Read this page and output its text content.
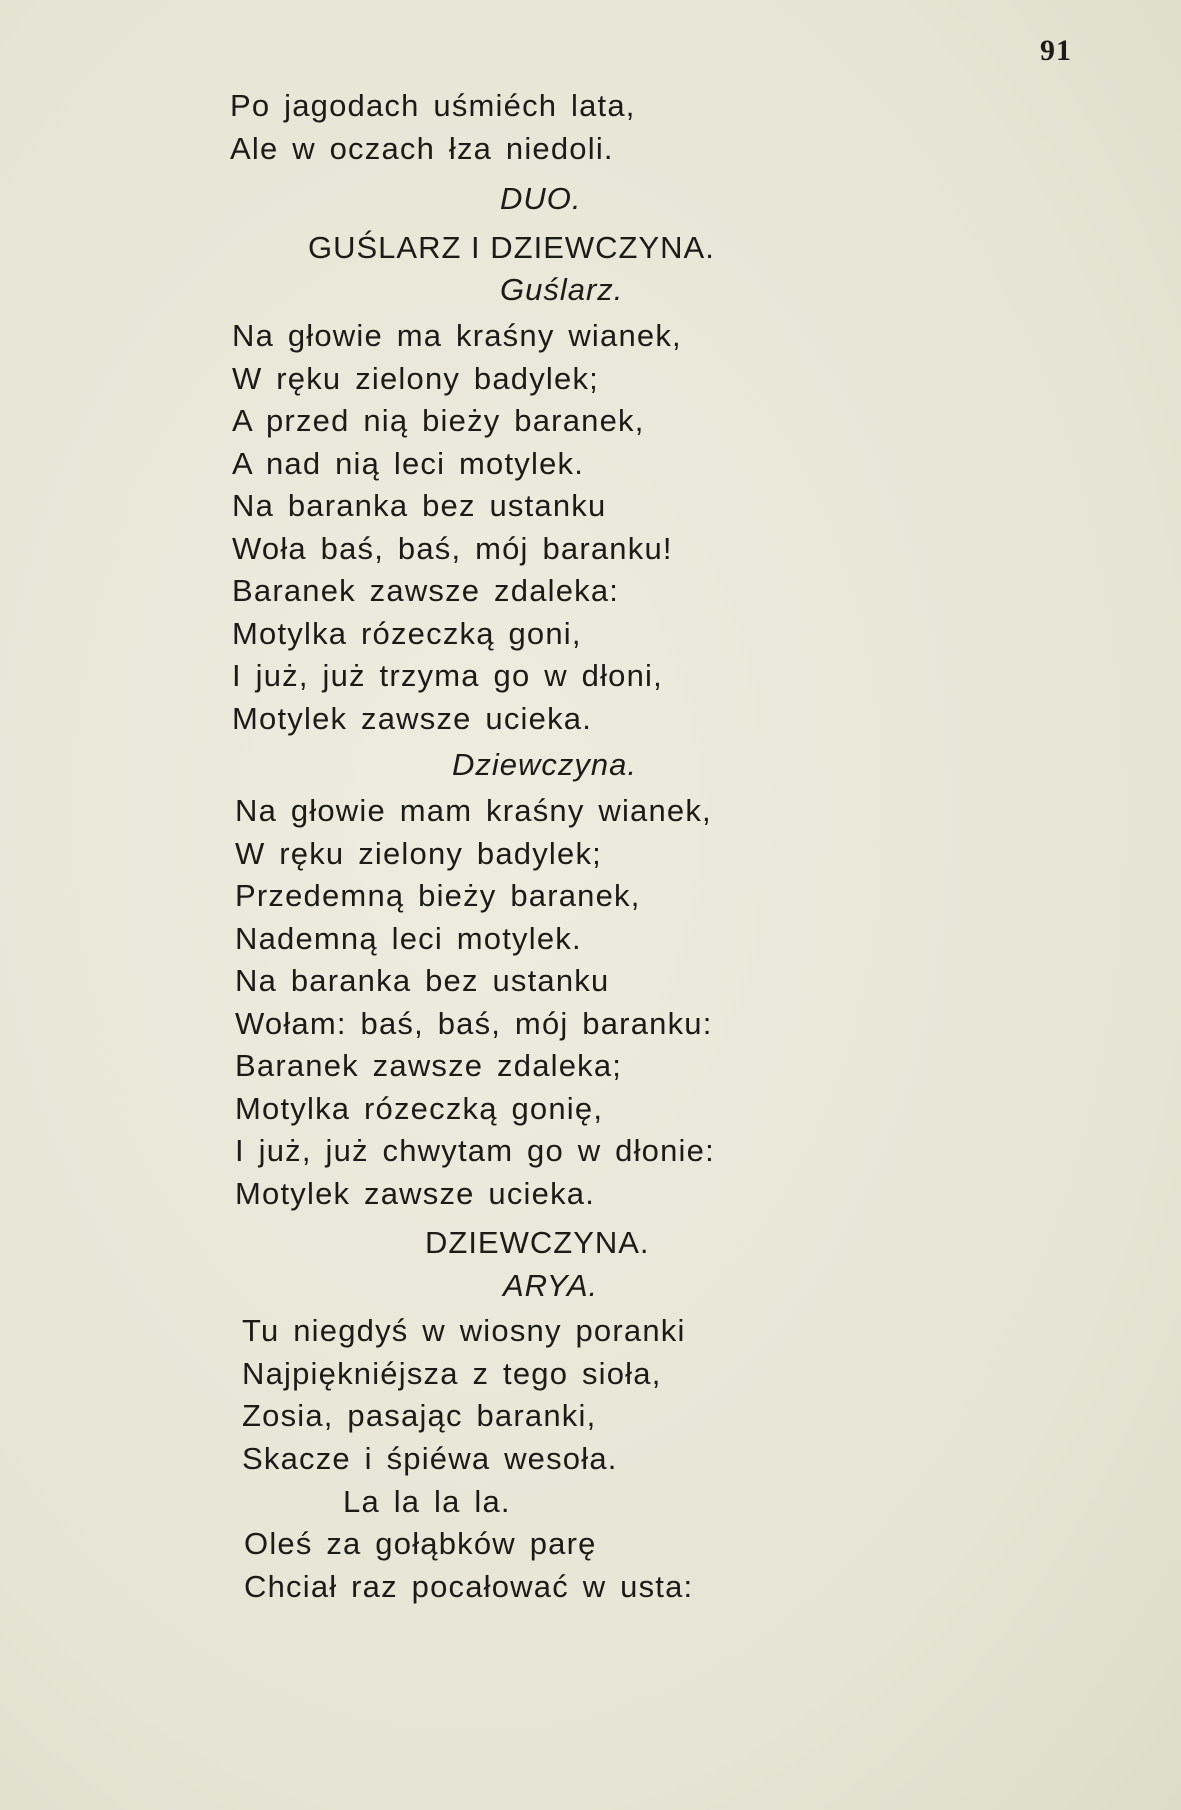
91
Po jagodach uśmiéch lata,
Ale w oczach łza niedoli.
DUO.
GUŚLARZ I DZIEWCZYNA.
Guślarz.
Na głowie ma kraśny wianek,
W ręku zielony badylek;
A przed nią bieży baranek,
A nad nią leci motylek.
Na baranka bez ustanku
Woła baś, baś, mój baranku!
Baranek zawsze zdaleka:
Motylka rózeczką goni,
I już, już trzyma go w dłoni,
Motylek zawsze ucieka.
Dziewczyna.
Na głowie mam kraśny wianek,
W ręku zielony badylek;
Przedemną bieży baranek,
Nademną leci motylek.
Na baranka bez ustanku
Wołam: baś, baś, mój baranku:
Baranek zawsze zdaleka;
Motylka rózeczką gonię,
I już, już chwytam go w dłonie:
Motylek zawsze ucieka.
DZIEWCZYNA.
ARYA.
Tu niegdyś w wiosny poranki
Najpiękniéjsza z tego sioła,
Zosia, pasając baranki,
Skacze i śpiéwa wesoła.
La la la la.
Oleś za gołąbków parę
Chciał raz pocałować w usta:
